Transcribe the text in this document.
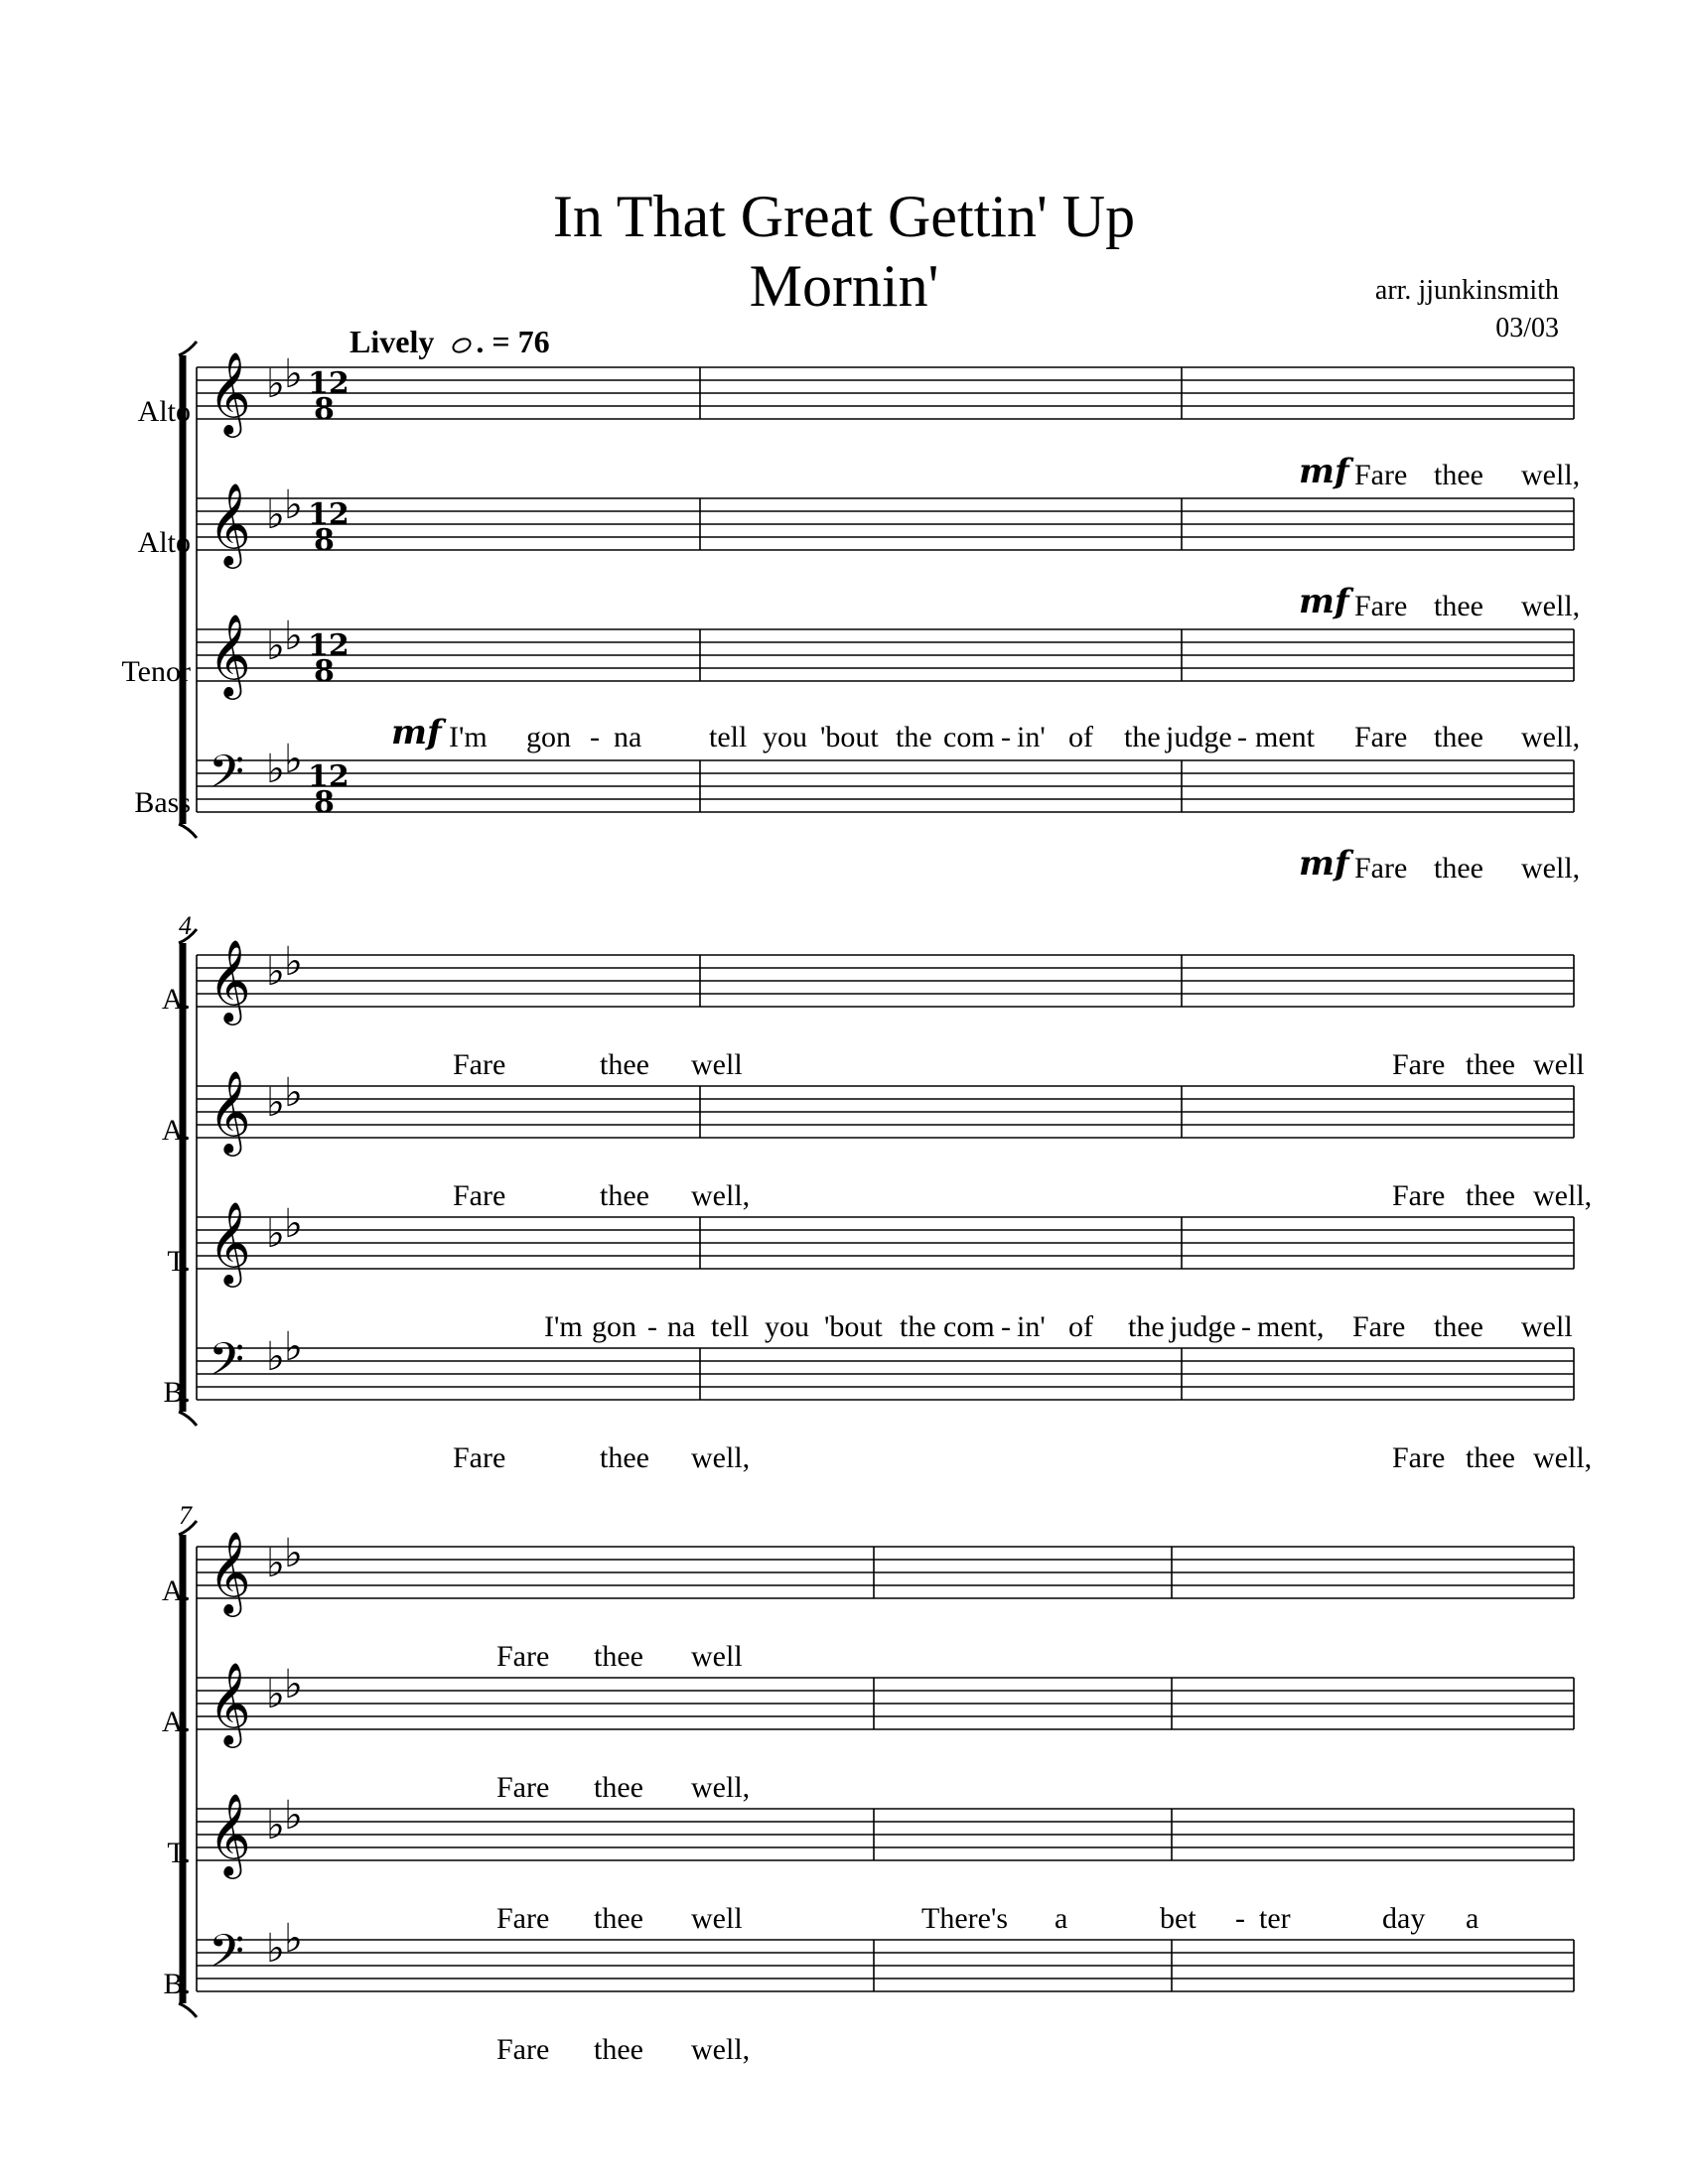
In That Great Gettin' Up
Mornin'	arr. jjunkinsmith
03/03
Lively . = 76
Alto
Alto
Tenor
Bass
A.
A.
T.
B.
A.
A.
T.
B.
4
7
mf
mf
mf
mf
Fare thee well,
Fare thee well,
I'm gon - na tell you 'bout the com - in' of the judge - ment Fare thee well,
Fare thee well,
Fare	thee well	Fare thee well
Fare	thee well,	Fare thee well,
I'm gon - na tell you 'bout the com - in' of the judge - ment, Fare thee well
Fare	thee well,	Fare thee well,
Fare thee well
Fare thee well,
Fare thee well	There's a	bet - ter	day a
Fare thee well,
𝄞 ♭ ♭ 12
8
𝄞 ♭ ♭ 12
8
𝄞 ♭ ♭ 12
8
𝄢 ♭ ♭ 12
8
𝄞 ♭ ♭
𝄞 ♭ ♭
𝄞 ♭ ♭
𝄢 ♭ ♭
𝄞 ♭ ♭
𝄞 ♭ ♭
𝄞 ♭ ♭
𝄢 ♭ ♭
